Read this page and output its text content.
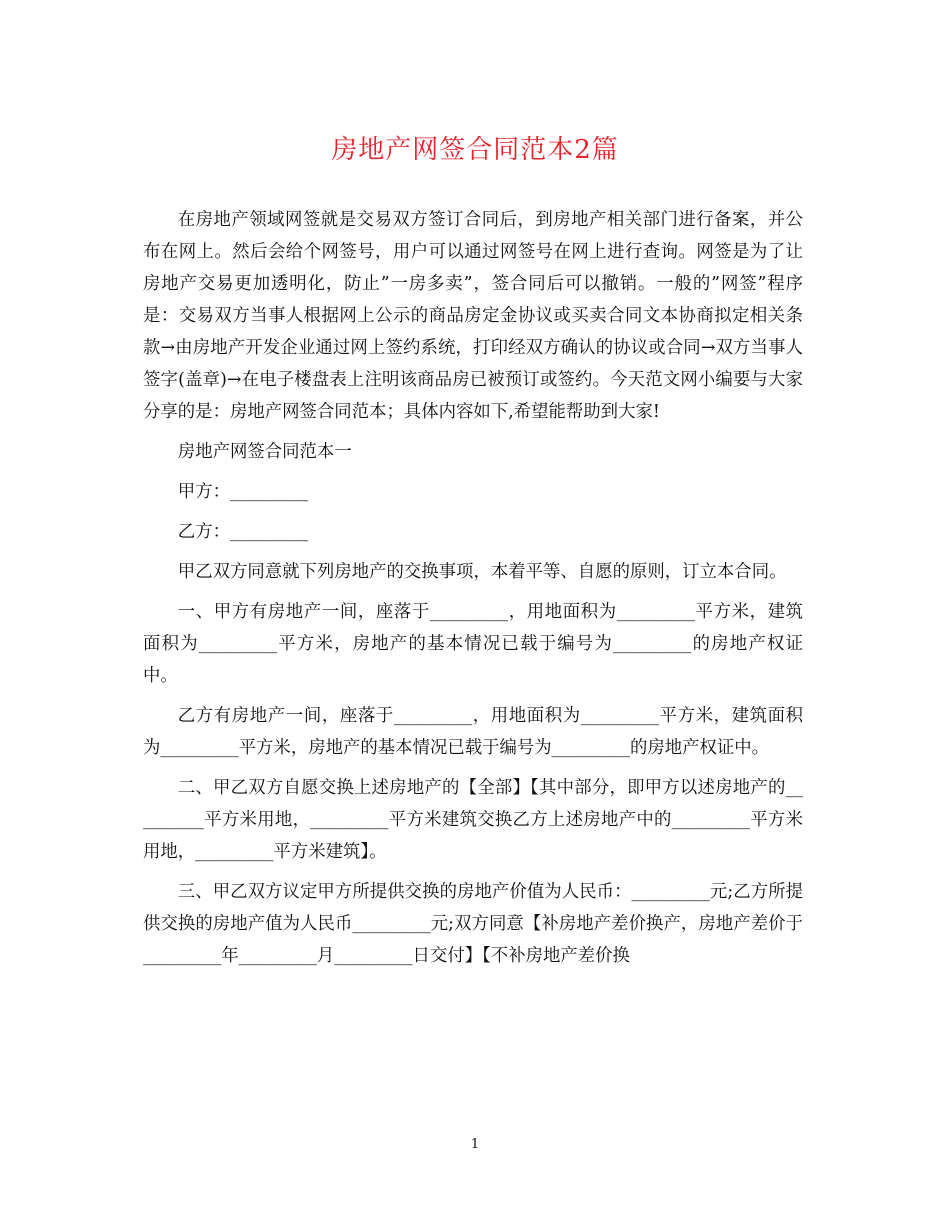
房地产网签合同范本2篇

在房地产领域网签就是交易双方签订合同后，到房地产相关部门进行备案，并公布在网上。然后会给个网签号，用户可以通过网签号在网上进行查询。网签是为了让房地产交易更加透明化，防止”一房多卖”，签合同后可以撤销。一般的”网签”程序是：交易双方当事人根据网上公示的商品房定金协议或买卖合同文本协商拟定相关条款→由房地产开发企业通过网上签约系统，打印经双方确认的协议或合同→双方当事人签字(盖章)→在电子楼盘表上注明该商品房已被预订或签约。今天范文网小编要与大家分享的是：房地产网签合同范本；具体内容如下,希望能帮助到大家!

房地产网签合同范本一

甲方：_________

乙方：_________

甲乙双方同意就下列房地产的交换事项，本着平等、自愿的原则，订立本合同。

一、甲方有房地产一间，座落于_________，用地面积为_________平方米，建筑面积为_________平方米，房地产的基本情况已载于编号为_________的房地产权证中。

乙方有房地产一间，座落于_________，用地面积为_________平方米，建筑面积为_________平方米，房地产的基本情况已载于编号为_________的房地产权证中。

二、甲乙双方自愿交换上述房地产的【全部】【其中部分，即甲方以述房地产的_________平方米用地，_________平方米建筑交换乙方上述房地产中的_________平方米用地，_________平方米建筑】。

三、甲乙双方议定甲方所提供交换的房地产价值为人民币：_________元;乙方所提供交换的房地产值为人民币_________元;双方同意【补房地产差价换产，房地产差价于_________年_________月_________日交付】【不补房地产差价换

1
